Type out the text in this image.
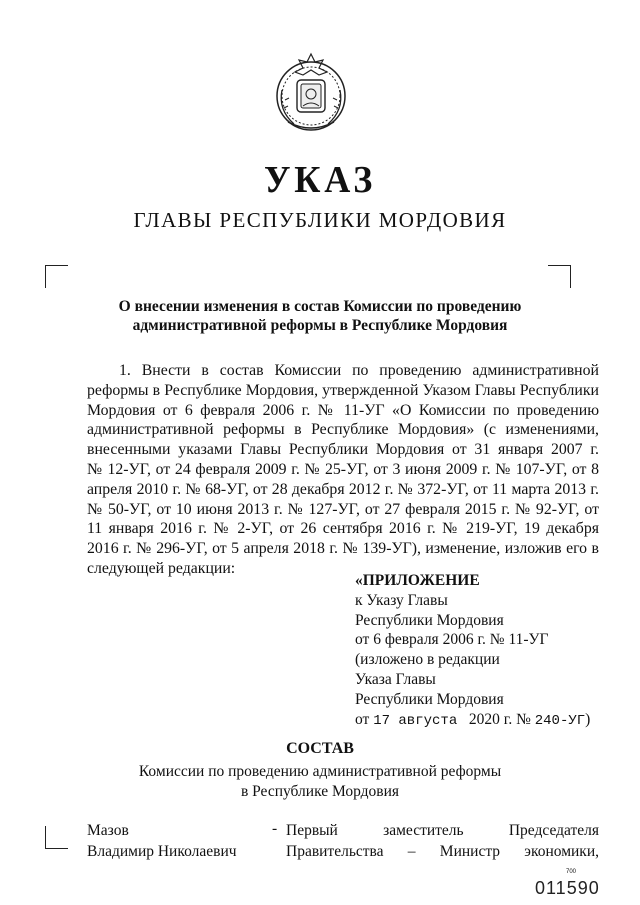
УКАЗ
ГЛАВЫ РЕСПУБЛИКИ МОРДОВИЯ
О внесении изменения в состав Комиссии по проведению
административной реформы в Республике Мордовия
1. Внести в состав Комиссии по проведению административной
реформы в Республике Мордовия, утвержденной Указом Главы Республики
Мордовия от 6 февраля 2006 г. № 11-УГ «О Комиссии по проведению
административной реформы в Республике Мордовия» (с изменениями,
внесенными указами Главы Республики Мордовия от 31 января 2007 г.
№ 12-УГ, от 24 февраля 2009 г. № 25-УГ, от 3 июня 2009 г. № 107-УГ, от 8
апреля 2010 г. № 68-УГ, от 28 декабря 2012 г. № 372-УГ, от 11 марта 2013 г.
№ 50-УГ, от 10 июня 2013 г. № 127-УГ, от 27 февраля 2015 г. № 92-УГ, от
11 января 2016 г. № 2-УГ, от 26 сентября 2016 г. № 219-УГ, 19 декабря
2016 г. № 296-УГ, от 5 апреля 2018 г. № 139-УГ), изменение, изложив его в
следующей редакции:
«ПРИЛОЖЕНИЕ
к Указу Главы
Республики Мордовия
от 6 февраля 2006 г. № 11-УГ
(изложено в редакции
Указа Главы
Республики Мордовия
от 17 августа 2020 г. № 240-УГ)
СОСТАВ
Комиссии по проведению административной реформы
в Республике Мордовия
Мазов
Владимир Николаевич
- Первый заместитель Председателя
Правительства – Министр экономики,
700
011590
